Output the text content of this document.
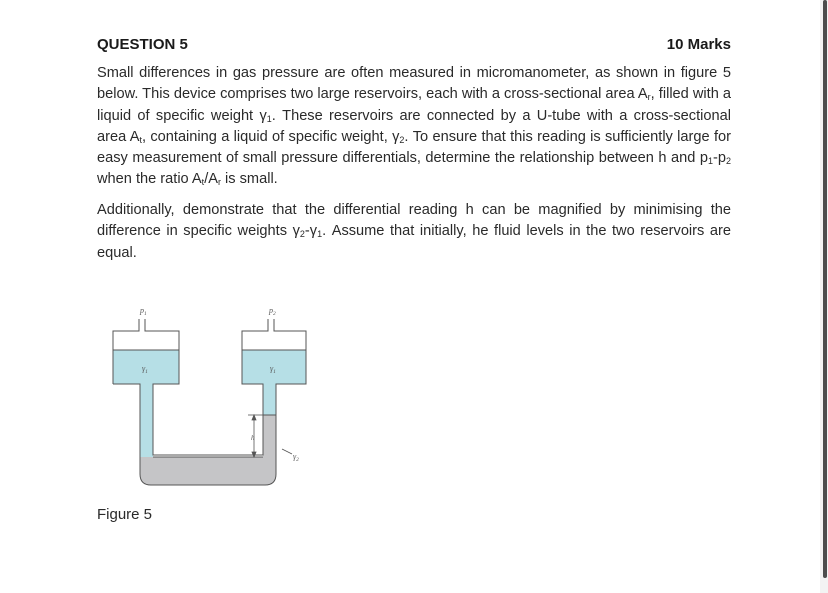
QUESTION 5	10 Marks

Small differences in gas pressure are often measured in micromanometer, as shown in figure 5 below. This device comprises two large reservoirs, each with a cross-sectional area $A_r$, filled with a liquid of specific weight $\gamma_1$. These reservoirs are connected by a U-tube with a cross-sectional area $A_t$, containing a liquid of specific weight, $\gamma_2$. To ensure that this reading is sufficiently large for easy measurement of small pressure differentials, determine the relationship between h and $p_1-p_2$ when the ratio $A_t/A_r$ is small.

Additionally, demonstrate that the differential reading h can be magnified by minimising the difference in specific weights $\gamma_2-\gamma_1$. Assume that initially, he fluid levels in the two reservoirs are equal.

$p_1$	$p_2$
$\gamma_1$	$\gamma_1$
h
$\gamma_2$
Figure 5
